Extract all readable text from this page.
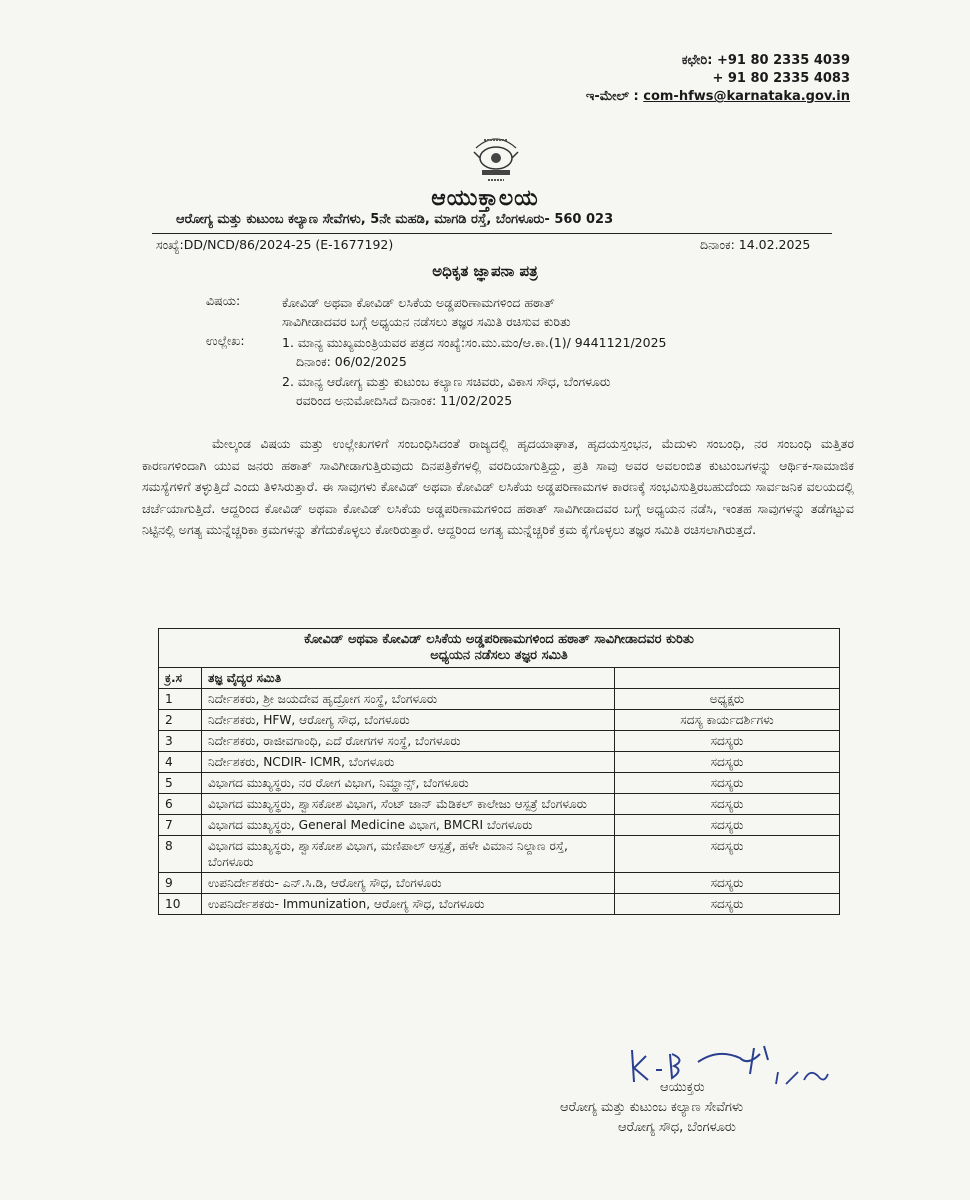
ಕಛೇರಿ: +91 80 2335 4039
+ 91 80 2335 4083
ಇ-ಮೇಲ್ : com-hfws@karnataka.gov.in
ಆಯುಕ್ತಾಲಯ
ಆರೋಗ್ಯ ಮತ್ತು ಕುಟುಂಬ ಕಲ್ಯಾಣ ಸೇವೆಗಳು, 5ನೇ ಮಹಡಿ, ಮಾಗಡಿ ರಸ್ತೆ, ಬೆಂಗಳೂರು- 560 023
ಸಂಖ್ಯೆ:DD/NCD/86/2024-25 (E-1677192)	ದಿನಾಂಕ: 14.02.2025
ಅಧಿಕೃತ ಜ್ಞಾಪನಾ ಪತ್ರ
ವಿಷಯ:	ಕೋವಿಡ್ ಅಥವಾ ಕೋವಿಡ್ ಲಸಿಕೆಯ ಅಡ್ಡಪರಿಣಾಮಗಳಿಂದ ಹಠಾತ್
ಸಾವಿಗೀಡಾದವರ ಬಗ್ಗೆ ಅಧ್ಯಯನ ನಡೆಸಲು ತಜ್ಞರ ಸಮಿತಿ ರಚಿಸುವ ಕುರಿತು
ಉಲ್ಲೇಖ:	1. ಮಾನ್ಯ ಮುಖ್ಯಮಂತ್ರಿಯವರ ಪತ್ರದ ಸಂಖ್ಯೆ:ಸಂ.ಮು.ಮಂ/ಆ.ಕಾ.(1)/ 9441121/2025
ದಿನಾಂಕ: 06/02/2025
2. ಮಾನ್ಯ ಆರೋಗ್ಯ ಮತ್ತು ಕುಟುಂಬ ಕಲ್ಯಾಣ ಸಚಿವರು, ವಿಕಾಸ ಸೌಧ, ಬೆಂಗಳೂರು
ರವರಿಂದ ಅನುಮೋದಿಸಿದೆ ದಿನಾಂಕ: 11/02/2025
ಮೇಲ್ಕಂಡ ವಿಷಯ ಮತ್ತು ಉಲ್ಲೇಖಗಳಿಗೆ ಸಂಬಂಧಿಸಿದಂತೆ ರಾಜ್ಯದಲ್ಲಿ ಹೃದಯಾಘಾತ, ಹೃದಯಸ್ತಂಭನ, ಮೆದುಳು ಸಂಬಂಧಿ, ನರ ಸಂಬಂಧಿ ಮತ್ತಿತರ ಕಾರಣಗಳಿಂದಾಗಿ ಯುವ ಜನರು ಹಠಾತ್ ಸಾವಿಗೀಡಾಗುತ್ತಿರುವುದು ದಿನಪತ್ರಿಕೆಗಳಲ್ಲಿ ವರದಿಯಾಗುತ್ತಿದ್ದು, ಪ್ರತಿ ಸಾವು ಅವರ ಅವಲಂಬಿತ ಕುಟುಂಬಗಳನ್ನು ಆರ್ಥಿಕ-ಸಾಮಾಜಿಕ ಸಮಸ್ಯೆಗಳಿಗೆ ತಳ್ಳುತ್ತಿದೆ ಎಂದು ತಿಳಿಸಿರುತ್ತಾರೆ. ಈ ಸಾವುಗಳು ಕೋವಿಡ್ ಅಥವಾ ಕೋವಿಡ್ ಲಸಿಕೆಯ ಅಡ್ಡಪರಿಣಾಮಗಳ ಕಾರಣಕ್ಕೆ ಸಂಭವಿಸುತ್ತಿರಬಹುದೆಂದು ಸಾರ್ವಜನಿಕ ವಲಯದಲ್ಲಿ ಚರ್ಚೆಯಾಗುತ್ತಿದೆ. ಆದ್ದರಿಂದ ಕೋವಿಡ್ ಅಥವಾ ಕೋವಿಡ್ ಲಸಿಕೆಯ ಅಡ್ಡಪರಿಣಾಮಗಳಿಂದ ಹಠಾತ್ ಸಾವಿಗೀಡಾದವರ ಬಗ್ಗೆ ಅಧ್ಯಯನ ನಡೆಸಿ, ಇಂತಹ ಸಾವುಗಳನ್ನು ತಡೆಗಟ್ಟುವ ನಿಟ್ಟಿನಲ್ಲಿ ಅಗತ್ಯ ಮುನ್ನೆಚ್ಚರಿಕಾ ಕ್ರಮಗಳನ್ನು ತೆಗೆದುಕೊಳ್ಳಲು ಕೋರಿರುತ್ತಾರೆ. ಆದ್ದರಿಂದ ಅಗತ್ಯ ಮುನ್ನೆಚ್ಚರಿಕೆ ಕ್ರಮ ಕೈಗೊಳ್ಳಲು ತಜ್ಞರ ಸಮಿತಿ ರಚಿಸಲಾಗಿರುತ್ತದೆ.
ಕೋವಿಡ್ ಅಥವಾ ಕೋವಿಡ್ ಲಸಿಕೆಯ ಅಡ್ಡಪರಿಣಾಮಗಳಿಂದ ಹಠಾತ್ ಸಾವಿಗೀಡಾದವರ ಕುರಿತು
ಅಧ್ಯಯನ ನಡೆಸಲು ತಜ್ಞರ ಸಮಿತಿ		

ಕ್ರ.ಸ	ತಜ್ಞ ವೈದ್ಯರ ಸಮಿತಿ	
1	ನಿರ್ದೇಶಕರು, ಶ್ರೀ ಜಯದೇವ ಹೃದ್ರೋಗ ಸಂಸ್ಥೆ, ಬೆಂಗಳೂರು	ಅಧ್ಯಕ್ಷರು
2	ನಿರ್ದೇಶಕರು, HFW, ಆರೋಗ್ಯ ಸೌಧ, ಬೆಂಗಳೂರು	ಸದಸ್ಯ ಕಾರ್ಯದರ್ಶಿಗಳು
3	ನಿರ್ದೇಶಕರು, ರಾಜೀವಗಾಂಧಿ, ಎದೆ ರೋಗಗಳ ಸಂಸ್ಥೆ, ಬೆಂಗಳೂರು	ಸದಸ್ಯರು
4	ನಿರ್ದೇಶಕರು, NCDIR- ICMR, ಬೆಂಗಳೂರು	ಸದಸ್ಯರು
5	ವಿಭಾಗದ ಮುಖ್ಯಸ್ಥರು, ನರ ರೋಗ ವಿಭಾಗ, ನಿಮ್ಹಾನ್ಸ್, ಬೆಂಗಳೂರು	ಸದಸ್ಯರು
6	ವಿಭಾಗದ ಮುಖ್ಯಸ್ಥರು, ಶ್ವಾಸಕೋಶ ವಿಭಾಗ, ಸೆಂಟ್ ಜಾನ್ ಮೆಡಿಕಲ್ ಕಾಲೇಜು ಆಸ್ಪತ್ರೆ ಬೆಂಗಳೂರು	ಸದಸ್ಯರು
7	ವಿಭಾಗದ ಮುಖ್ಯಸ್ಥರು, General Medicine ವಿಭಾಗ, BMCRI ಬೆಂಗಳೂರು	ಸದಸ್ಯರು
8	ವಿಭಾಗದ ಮುಖ್ಯಸ್ಥರು, ಶ್ವಾಸಕೋಶ ವಿಭಾಗ, ಮಣಿಪಾಲ್ ಆಸ್ಪತ್ರೆ, ಹಳೇ ವಿಮಾನ ನಿಲ್ದಾಣ ರಸ್ತೆ, ಬೆಂಗಳೂರು	ಸದಸ್ಯರು
9	ಉಪನಿರ್ದೇಶಕರು- ಎನ್.ಸಿ.ಡಿ, ಆರೋಗ್ಯ ಸೌಧ, ಬೆಂಗಳೂರು	ಸದಸ್ಯರು
10	ಉಪನಿರ್ದೇಶಕರು- Immunization, ಆರೋಗ್ಯ ಸೌಧ, ಬೆಂಗಳೂರು	ಸದಸ್ಯರು
ಆಯುಕ್ತರು
ಆರೋಗ್ಯ ಮತ್ತು ಕುಟುಂಬ ಕಲ್ಯಾಣ ಸೇವೆಗಳು
ಆರೋಗ್ಯ ಸೌಧ, ಬೆಂಗಳೂರು
